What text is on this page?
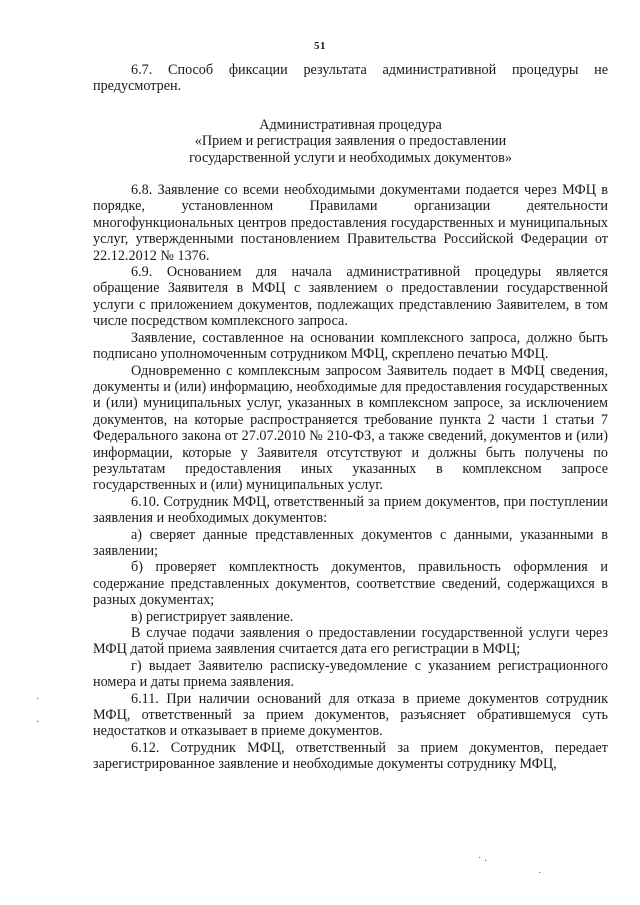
51

6.7. Способ фиксации результата административной процедуры не предусмотрен.

Административная процедура
«Прием и регистрация заявления о предоставлении
государственной услуги и необходимых документов»

6.8. Заявление со всеми необходимыми документами подается через МФЦ в порядке, установленном Правилами организации деятельности многофункциональных центров предоставления государственных и муниципальных услуг, утвержденными постановлением Правительства Российской Федерации от 22.12.2012 № 1376.

6.9. Основанием для начала административной процедуры является обращение Заявителя в МФЦ с заявлением о предоставлении государственной услуги с приложением документов, подлежащих представлению Заявителем, в том числе посредством комплексного запроса.

Заявление, составленное на основании комплексного запроса, должно быть подписано уполномоченным сотрудником МФЦ, скреплено печатью МФЦ.

Одновременно с комплексным запросом Заявитель подает в МФЦ сведения, документы и (или) информацию, необходимые для предоставления государственных и (или) муниципальных услуг, указанных в комплексном запросе, за исключением документов, на которые распространяется требование пункта 2 части 1 статьи 7 Федерального закона от 27.07.2010 № 210-ФЗ, а также сведений, документов и (или) информации, которые у Заявителя отсутствуют и должны быть получены по результатам предоставления иных указанных в комплексном запросе государственных и (или) муниципальных услуг.

6.10. Сотрудник МФЦ, ответственный за прием документов, при поступлении заявления и необходимых документов:

а) сверяет данные представленных документов с данными, указанными в заявлении;

б) проверяет комплектность документов, правильность оформления и содержание представленных документов, соответствие сведений, содержащихся в разных документах;

в) регистрирует заявление.

В случае подачи заявления о предоставлении государственной услуги через МФЦ датой приема заявления считается дата его регистрации в МФЦ;

г) выдает Заявителю расписку-уведомление с указанием регистрационного номера и даты приема заявления.

6.11. При наличии оснований для отказа в приеме документов сотрудник МФЦ, ответственный за прием документов, разъясняет обратившемуся суть недостатков и отказывает в приеме документов.

6.12. Сотрудник МФЦ, ответственный за прием документов, передает зарегистрированное заявление и необходимые документы сотруднику МФЦ,

·
·
˙ ·
·
